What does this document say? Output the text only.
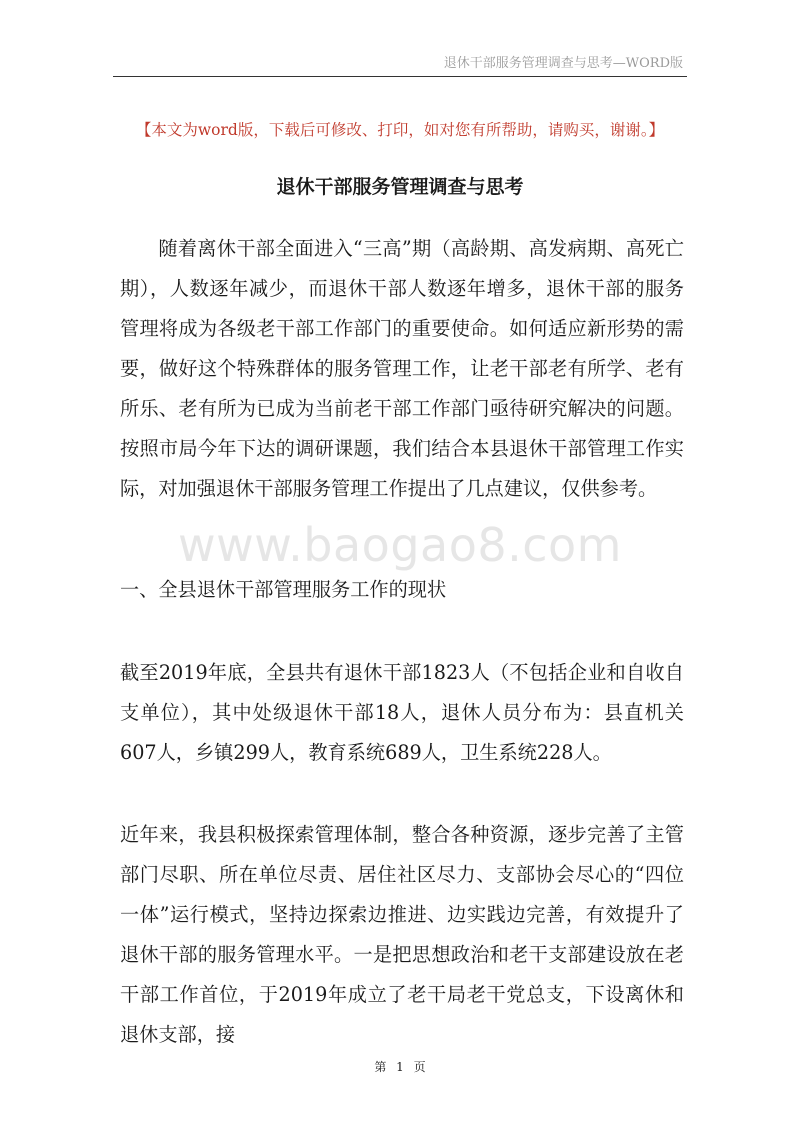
退休干部服务管理调查与思考—WORD版
【本文为word版，下载后可修改、打印，如对您有所帮助，请购买，谢谢。】
退休干部服务管理调查与思考

随着离休干部全面进入“三高”期（高龄期、高发病期、高死亡期），人数逐年减少，而退休干部人数逐年增多，退休干部的服务管理将成为各级老干部工作部门的重要使命。如何适应新形势的需要，做好这个特殊群体的服务管理工作，让老干部老有所学、老有所乐、老有所为已成为当前老干部工作部门亟待研究解决的问题。按照市局今年下达的调研课题，我们结合本县退休干部管理工作实际，对加强退休干部服务管理工作提出了几点建议，仅供参考。

www.baogao8.com

一、全县退休干部管理服务工作的现状

截至2019年底，全县共有退休干部1823人（不包括企业和自收自支单位），其中处级退休干部18人，退休人员分布为：县直机关607人，乡镇299人，教育系统689人，卫生系统228人。

近年来，我县积极探索管理体制，整合各种资源，逐步完善了主管部门尽职、所在单位尽责、居住社区尽力、支部协会尽心的“四位一体”运行模式，坚持边探索边推进、边实践边完善，有效提升了退休干部的服务管理水平。一是把思想政治和老干支部建设放在老干部工作首位，于2019年成立了老干局老干党总支，下设离休和退休支部，接

第 1 页
